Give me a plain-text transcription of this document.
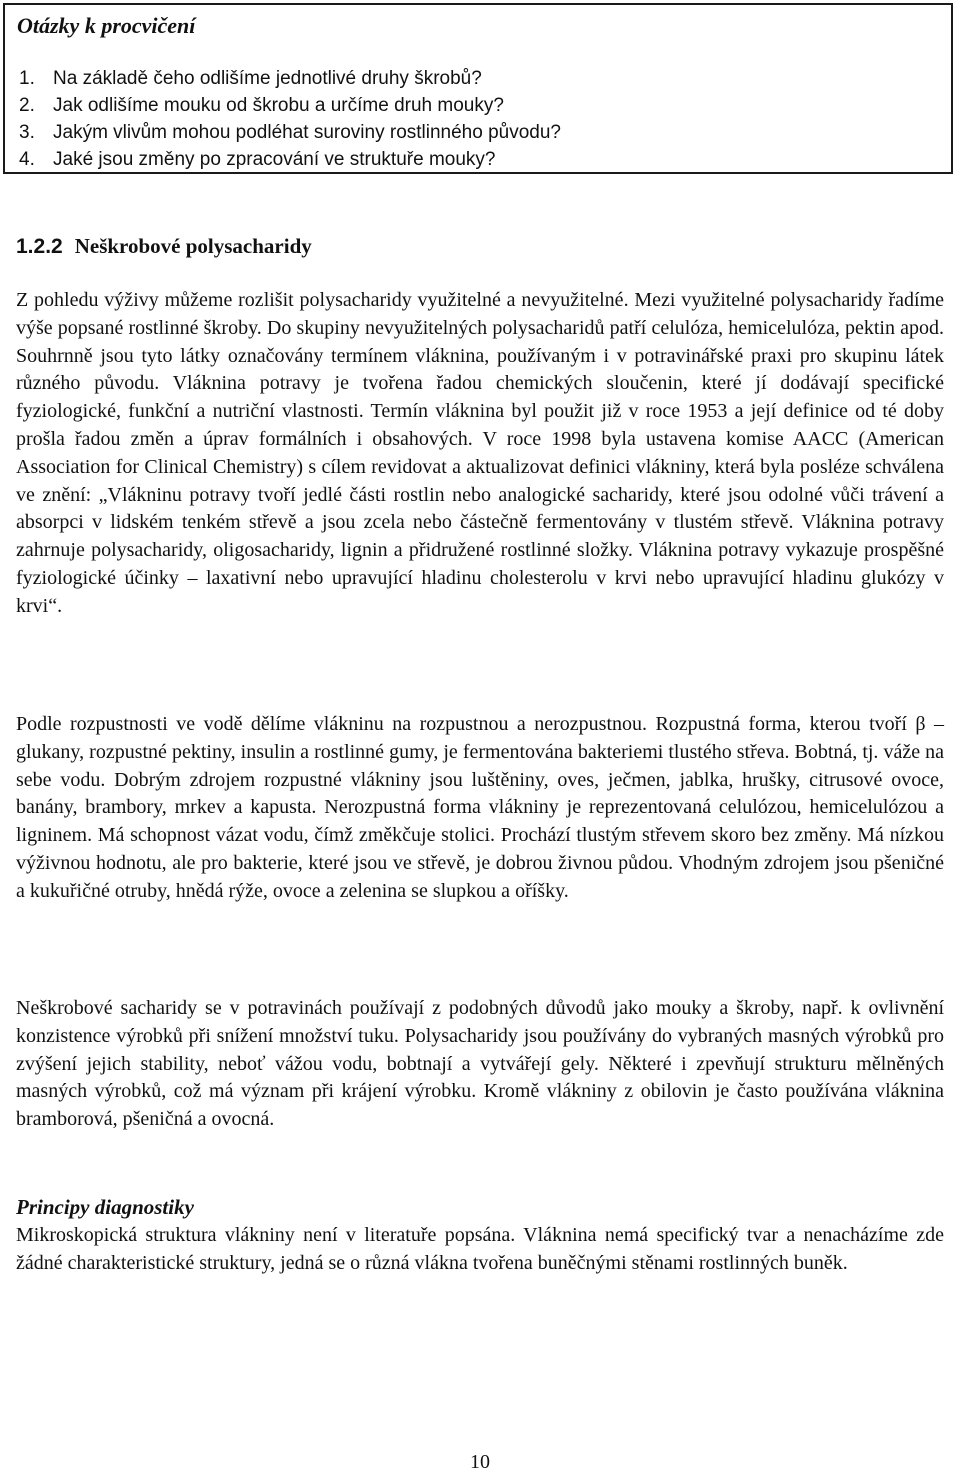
Otázky k procvičení
1. Na základě čeho odlišíme jednotlivé druhy škrobů?
2. Jak odlišíme mouku od škrobu a určíme druh mouky?
3. Jakým vlivům mohou podléhat suroviny rostlinného původu?
4. Jaké jsou změny po zpracování ve struktuře mouky?
1.2.2 Neškrobové polysacharidy

Z pohledu výživy můžeme rozlišit polysacharidy využitelné a nevyužitelné. Mezi využitelné polysacharidy řadíme výše popsané rostlinné škroby. Do skupiny nevyužitelných polysacharidů patří celulóza, hemicelulóza, pektin apod. Souhrnně jsou tyto látky označovány termínem vláknina, používaným i v potravinářské praxi pro skupinu látek různého původu. Vláknina potravy je tvořena řadou chemických sloučenin, které jí dodávají specifické fyziologické, funkční a nutriční vlastnosti. Termín vláknina byl použit již v roce 1953 a její definice od té doby prošla řadou změn a úprav formálních i obsahových. V roce 1998 byla ustavena komise AACC (American Association for Clinical Chemistry) s cílem revidovat a aktualizovat definici vlákniny, která byla posléze schválena ve znění: „Vlákninu potravy tvoří jedlé části rostlin nebo analogické sacharidy, které jsou odolné vůči trávení a absorpci v lidském tenkém střevě a jsou zcela nebo částečně fermentovány v tlustém střevě. Vláknina potravy zahrnuje polysacharidy, oligosacharidy, lignin a přidružené rostlinné složky. Vláknina potravy vykazuje prospěšné fyziologické účinky – laxativní nebo upravující hladinu cholesterolu v krvi nebo upravující hladinu glukózy v krvi“.

Podle rozpustnosti ve vodě dělíme vlákninu na rozpustnou a nerozpustnou. Rozpustná forma, kterou tvoří β – glukany, rozpustné pektiny, insulin a rostlinné gumy, je fermentována bakteriemi tlustého střeva. Bobtná, tj. váže na sebe vodu. Dobrým zdrojem rozpustné vlákniny jsou luštěniny, oves, ječmen, jablka, hrušky, citrusové ovoce, banány, brambory, mrkev a kapusta. Nerozpustná forma vlákniny je reprezentovaná celulózou, hemicelulózou a ligninem. Má schopnost vázat vodu, čímž změkčuje stolici. Prochází tlustým střevem skoro bez změny. Má nízkou výživnou hodnotu, ale pro bakterie, které jsou ve střevě, je dobrou živnou půdou. Vhodným zdrojem jsou pšeničné a kukuřičné otruby, hnědá rýže, ovoce a zelenina se slupkou a oříšky.

Neškrobové sacharidy se v potravinách používají z podobných důvodů jako mouky a škroby, např. k ovlivnění konzistence výrobků při snížení množství tuku. Polysacharidy jsou používány do vybraných masných výrobků pro zvýšení jejich stability, neboť vážou vodu, bobtnají a vytvářejí gely. Některé i zpevňují strukturu mělněných masných výrobků, což má význam při krájení výrobku. Kromě vlákniny z obilovin je často používána vláknina bramborová, pšeničná a ovocná.

Principy diagnostiky

Mikroskopická struktura vlákniny není v literatuře popsána. Vláknina nemá specifický tvar a nenacházíme zde žádné charakteristické struktury, jedná se o různá vlákna tvořena buněčnými stěnami rostlinných buněk.

10
